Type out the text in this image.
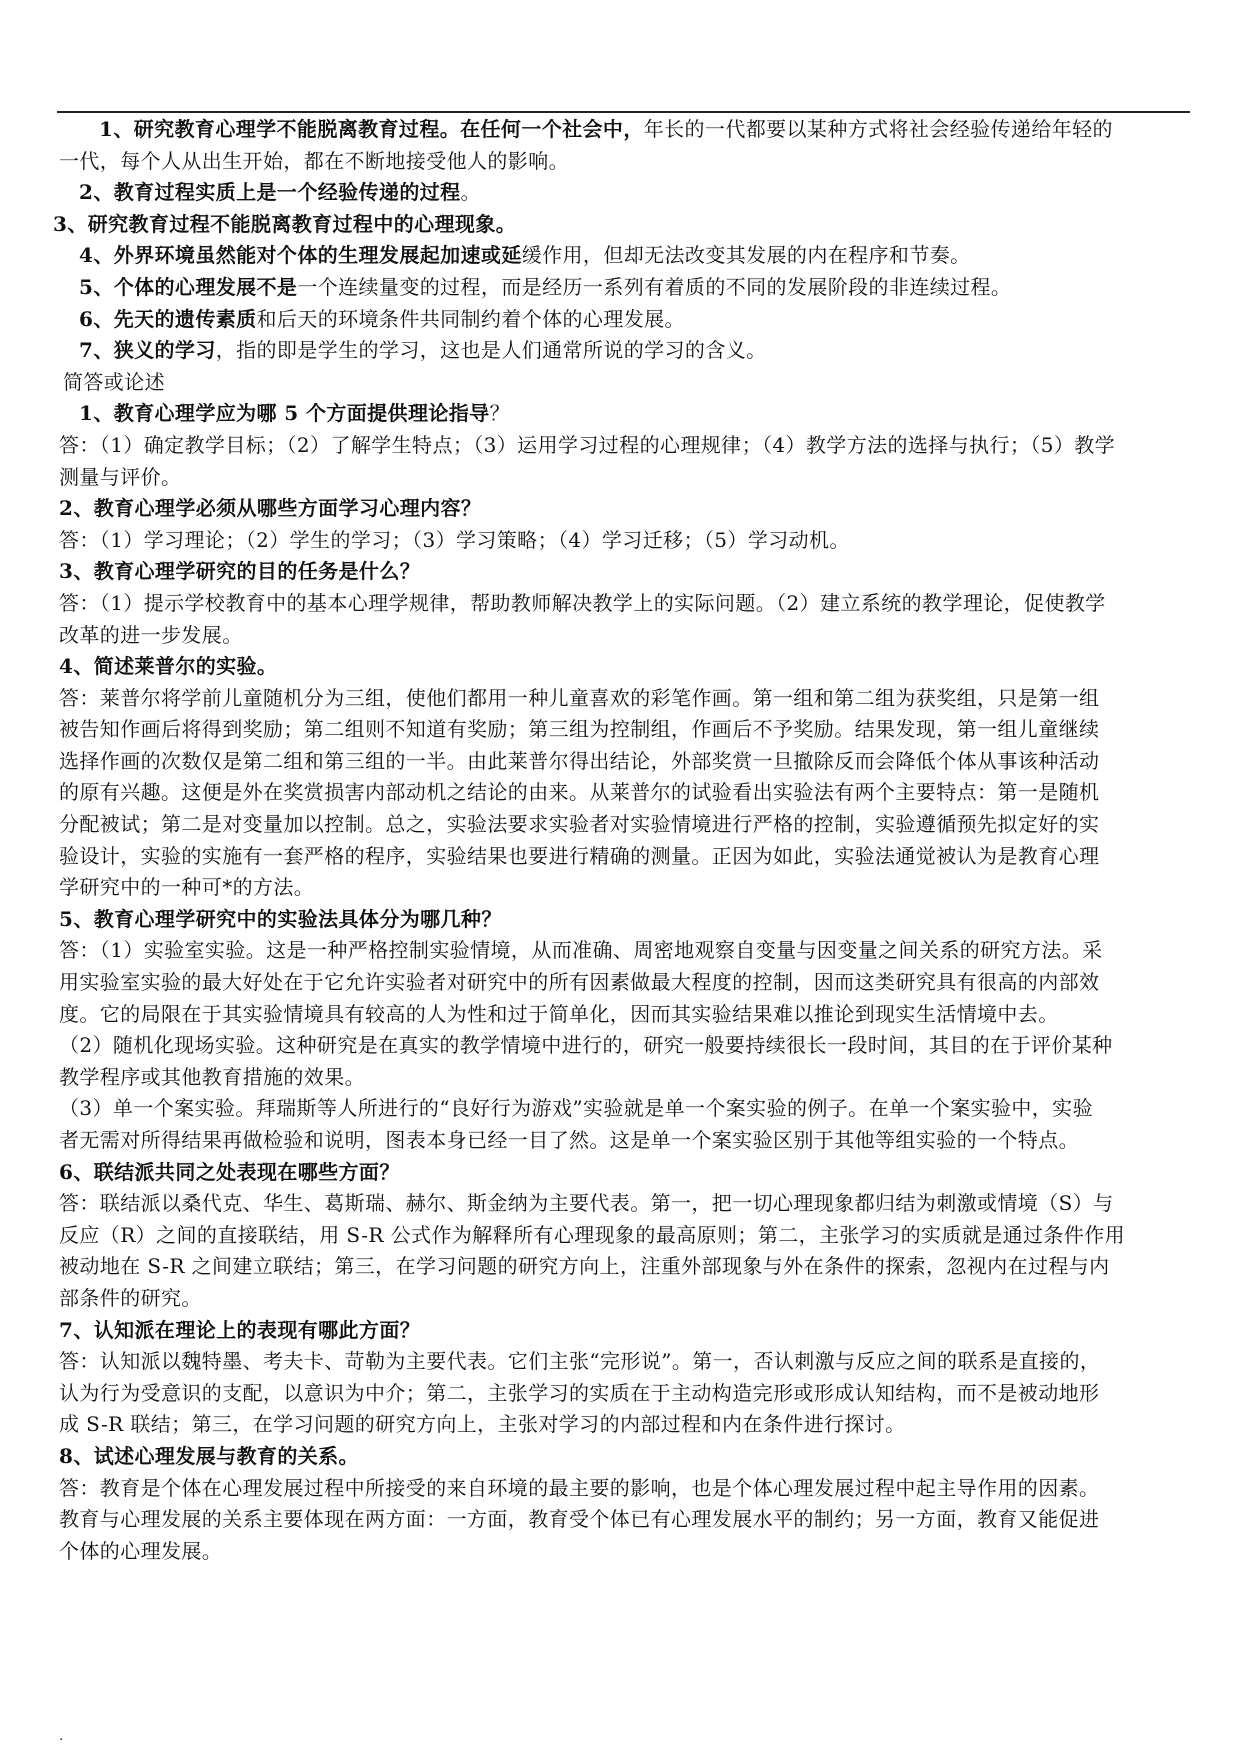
1、研究教育心理学不能脱离教育过程。在任何一个社会中，年长的一代都要以某种方式将社会经验传递给年轻的
一代，每个人从出生开始，都在不断地接受他人的影响。
2、教育过程实质上是一个经验传递的过程。
3、研究教育过程不能脱离教育过程中的心理现象。
4、外界环境虽然能对个体的生理发展起加速或延缓作用，但却无法改变其发展的内在程序和节奏。
5、个体的心理发展不是一个连续量变的过程，而是经历一系列有着质的不同的发展阶段的非连续过程。
6、先天的遗传素质和后天的环境条件共同制约着个体的心理发展。
7、狭义的学习，指的即是学生的学习，这也是人们通常所说的学习的含义。
简答或论述
1、教育心理学应为哪 5 个方面提供理论指导？
答：（1）确定教学目标；（2）了解学生特点；（3）运用学习过程的心理规律；（4）教学方法的选择与执行；（5）教学
测量与评价。
2、教育心理学必须从哪些方面学习心理内容？
答：（1）学习理论；（2）学生的学习；（3）学习策略；（4）学习迁移；（5）学习动机。
3、教育心理学研究的目的任务是什么？
答：（1）提示学校教育中的基本心理学规律，帮助教师解决教学上的实际问题。（2）建立系统的教学理论，促使教学
改革的进一步发展。
4、简述莱普尔的实验。
答：莱普尔将学前儿童随机分为三组，使他们都用一种儿童喜欢的彩笔作画。第一组和第二组为获奖组，只是第一组
被告知作画后将得到奖励；第二组则不知道有奖励；第三组为控制组，作画后不予奖励。结果发现，第一组儿童继续
选择作画的次数仅是第二组和第三组的一半。由此莱普尔得出结论，外部奖赏一旦撤除反而会降低个体从事该种活动
的原有兴趣。这便是外在奖赏损害内部动机之结论的由来。从莱普尔的试验看出实验法有两个主要特点：第一是随机
分配被试；第二是对变量加以控制。总之，实验法要求实验者对实验情境进行严格的控制，实验遵循预先拟定好的实
验设计，实验的实施有一套严格的程序，实验结果也要进行精确的测量。正因为如此，实验法通觉被认为是教育心理
学研究中的一种可*的方法。
5、教育心理学研究中的实验法具体分为哪几种？
答：（1）实验室实验。这是一种严格控制实验情境，从而准确、周密地观察自变量与因变量之间关系的研究方法。采
用实验室实验的最大好处在于它允许实验者对研究中的所有因素做最大程度的控制，因而这类研究具有很高的内部效
度。它的局限在于其实验情境具有较高的人为性和过于简单化，因而其实验结果难以推论到现实生活情境中去。
（2）随机化现场实验。这种研究是在真实的教学情境中进行的，研究一般要持续很长一段时间，其目的在于评价某种
教学程序或其他教育措施的效果。
（3）单一个案实验。拜瑞斯等人所进行的“良好行为游戏”实验就是单一个案实验的例子。在单一个案实验中，实验
者无需对所得结果再做检验和说明，图表本身已经一目了然。这是单一个案实验区别于其他等组实验的一个特点。
6、联结派共同之处表现在哪些方面？
答：联结派以桑代克、华生、葛斯瑞、赫尔、斯金纳为主要代表。第一，把一切心理现象都归结为刺激或情境（S）与
反应（R）之间的直接联结，用 S-R 公式作为解释所有心理现象的最高原则；第二，主张学习的实质就是通过条件作用
被动地在 S-R 之间建立联结；第三，在学习问题的研究方向上，注重外部现象与外在条件的探索，忽视内在过程与内
部条件的研究。
7、认知派在理论上的表现有哪此方面？
答：认知派以魏特墨、考夫卡、苛勒为主要代表。它们主张“完形说”。第一，否认刺激与反应之间的联系是直接的，
认为行为受意识的支配，以意识为中介；第二，主张学习的实质在于主动构造完形或形成认知结构，而不是被动地形
成 S-R 联结；第三，在学习问题的研究方向上，主张对学习的内部过程和内在条件进行探讨。
8、试述心理发展与教育的关系。
答：教育是个体在心理发展过程中所接受的来自环境的最主要的影响，也是个体心理发展过程中起主导作用的因素。
教育与心理发展的关系主要体现在两方面：一方面，教育受个体已有心理发展水平的制约；另一方面，教育又能促进
个体的心理发展。
.
